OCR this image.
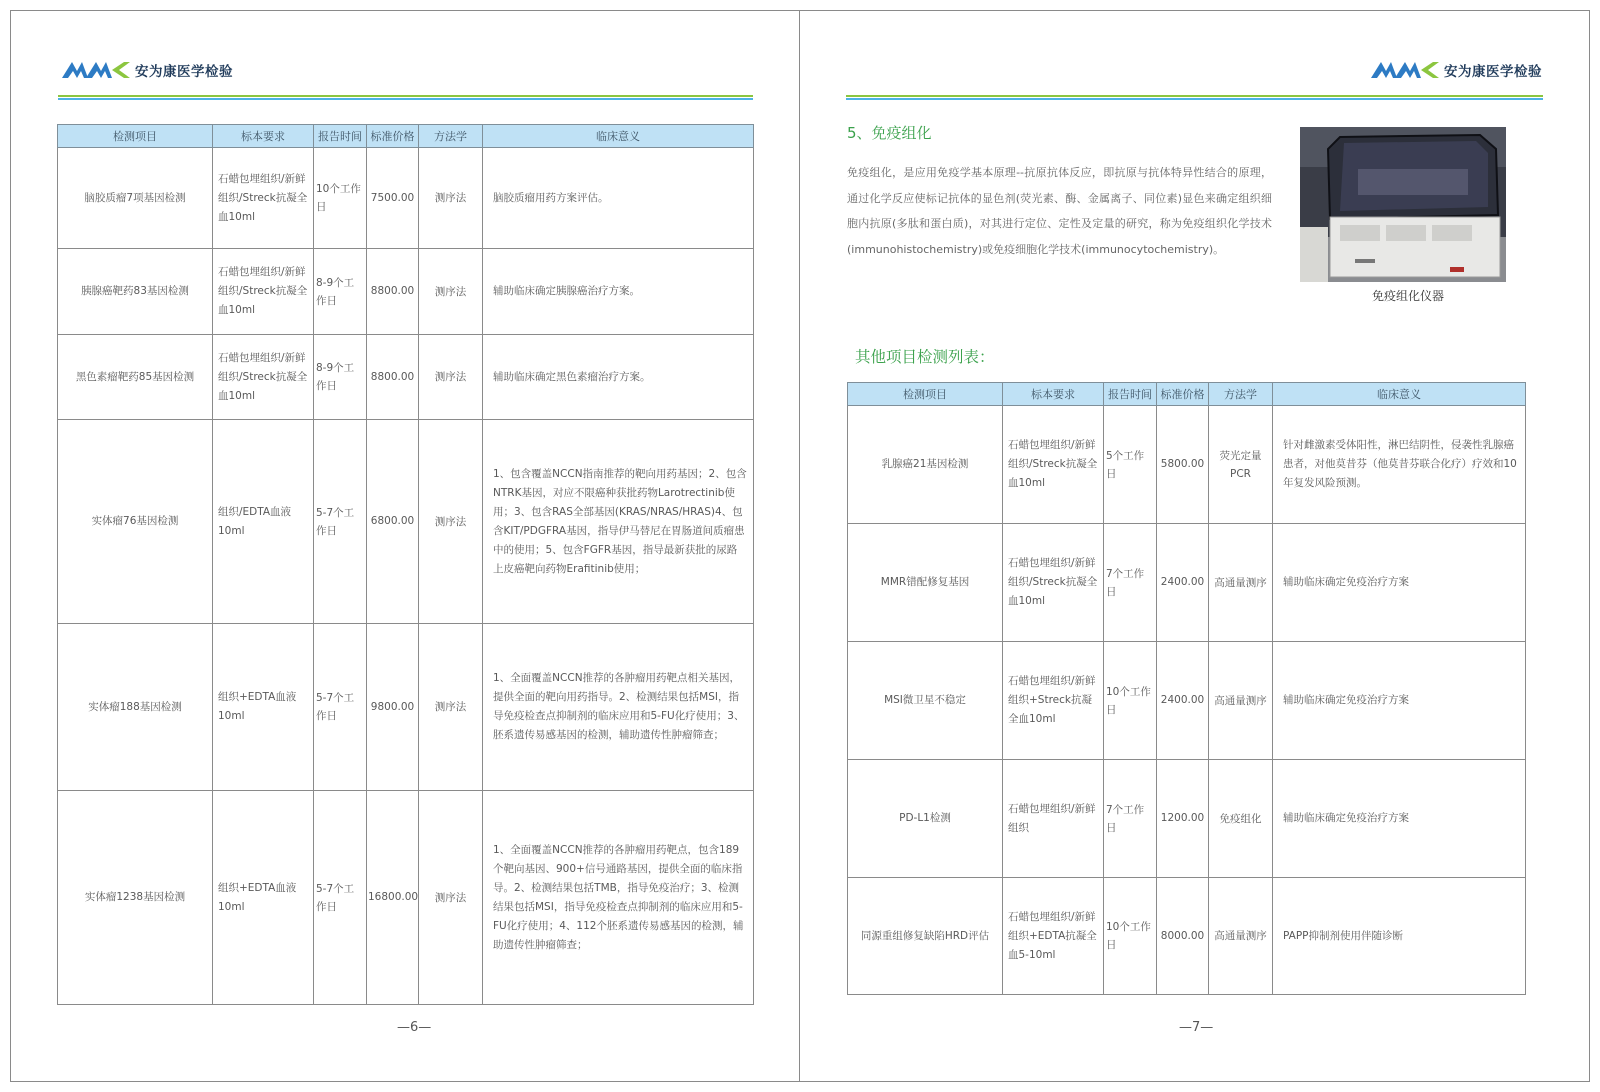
安为康医学检验
检测项目	标本要求	报告时间	标准价格	方法学	临床意义
脑胶质瘤7项基因检测	石蜡包埋组织/新鲜组织/Streck抗凝全血10ml	10个工作日	7500.00	测序法	脑胶质瘤用药方案评估。
胰腺癌靶药83基因检测	石蜡包埋组织/新鲜组织/Streck抗凝全血10ml	8-9个工作日	8800.00	测序法	辅助临床确定胰腺癌治疗方案。
黑色素瘤靶药85基因检测	石蜡包埋组织/新鲜组织/Streck抗凝全血10ml	8-9个工作日	8800.00	测序法	辅助临床确定黑色素瘤治疗方案。
实体瘤76基因检测	组织/EDTA血液10ml	5-7个工作日	6800.00	测序法	1、包含覆盖NCCN指南推荐的靶向用药基因；2、包含NTRK基因，对应不限癌种获批药物Larotrectinib使用；3、包含RAS全部基因(KRAS/NRAS/HRAS)4、包含KIT/PDGFRA基因，指导伊马替尼在胃肠道间质瘤患中的使用；5、包含FGFR基因，指导最新获批的尿路上皮癌靶向药物Erafitinib使用；
实体瘤188基因检测	组织+EDTA血液10ml	5-7个工作日	9800.00	测序法	1、全面覆盖NCCN推荐的各肿瘤用药靶点相关基因，提供全面的靶向用药指导。2、检测结果包括MSI，指导免疫检查点抑制剂的临床应用和5-FU化疗使用；3、胚系遗传易感基因的检测，辅助遗传性肿瘤筛查；
实体瘤1238基因检测	组织+EDTA血液10ml	5-7个工作日	16800.00	测序法	1、全面覆盖NCCN推荐的各肿瘤用药靶点，包含189个靶向基因、900+信号通路基因，提供全面的临床指导。2、检测结果包括TMB，指导免疫治疗；3、检测结果包括MSI，指导免疫检查点抑制剂的临床应用和5-FU化疗使用；4、112个胚系遗传易感基因的检测，辅助遗传性肿瘤筛查；
—6—
安为康医学检验
5、免疫组化
免疫组化，是应用免疫学基本原理--抗原抗体反应，即抗原与抗体特异性结合的原理，通过化学反应使标记抗体的显色剂(荧光素、酶、金属离子、同位素)显色来确定组织细胞内抗原(多肽和蛋白质)，对其进行定位、定性及定量的研究，称为免疫组织化学技术(immunohistochemistry)或免疫细胞化学技术(immunocytochemistry)。
免疫组化仪器
其他项目检测列表：
检测项目	标本要求	报告时间	标准价格	方法学	临床意义
乳腺癌21基因检测	石蜡包埋组织/新鲜组织/Streck抗凝全血10ml	5个工作日	5800.00	荧光定量PCR	针对雌激素受体阳性，淋巴结阴性，侵袭性乳腺癌患者，对他莫昔芬（他莫昔芬联合化疗）疗效和10年复发风险预测。
MMR错配修复基因	石蜡包埋组织/新鲜组织/Streck抗凝全血10ml	7个工作日	2400.00	高通量测序	辅助临床确定免疫治疗方案
MSI微卫星不稳定	石蜡包埋组织/新鲜组织+Streck抗凝全血10ml	10个工作日	2400.00	高通量测序	辅助临床确定免疫治疗方案
PD-L1检测	石蜡包埋组织/新鲜组织	7个工作日	1200.00	免疫组化	辅助临床确定免疫治疗方案
同源重组修复缺陷HRD评估	石蜡包埋组织/新鲜组织+EDTA抗凝全血5-10ml	10个工作日	8000.00	高通量测序	PAPP抑制剂使用伴随诊断
—7—
